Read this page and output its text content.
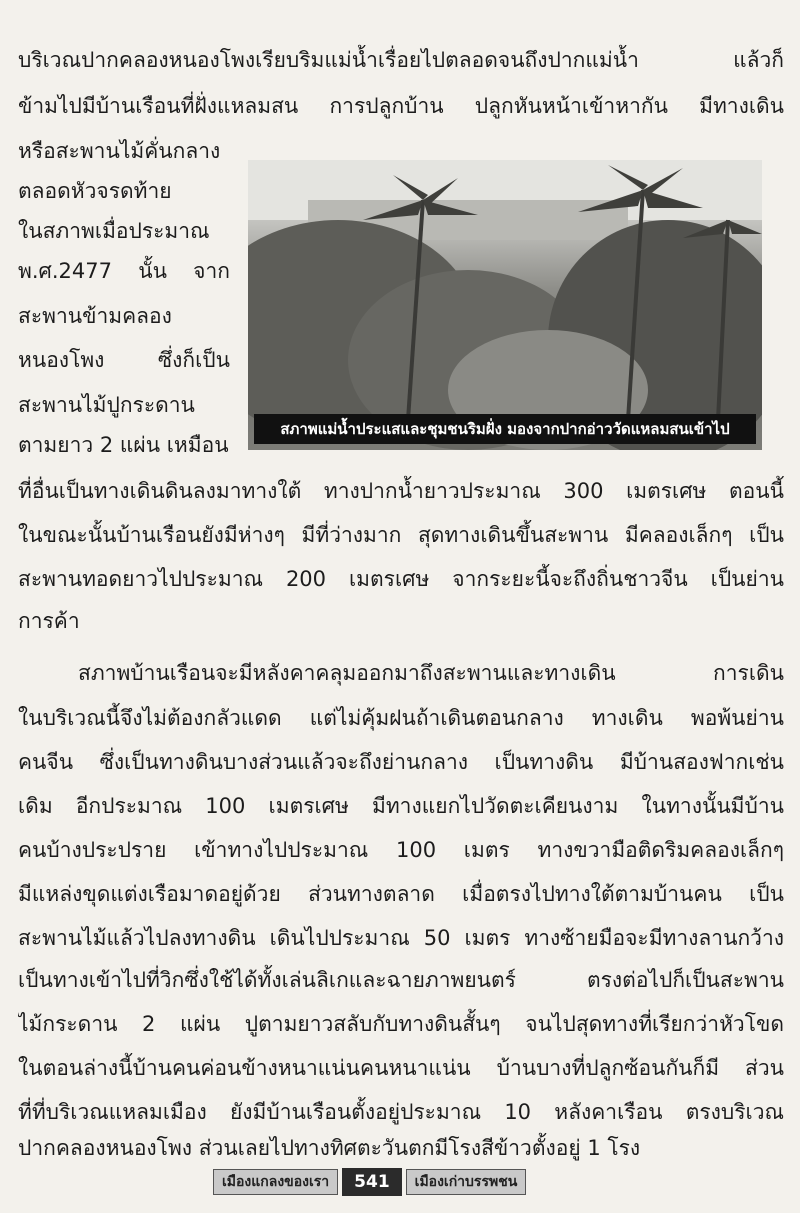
บริเวณปากคลองหนองโพงเรียบริมแม่น้ำเรื่อยไปตลอดจนถึงปากแม่น้ำ แล้วก็
ข้ามไปมีบ้านเรือนที่ฝั่งแหลมสน การปลูกบ้าน ปลูกหันหน้าเข้าหากัน มีทางเดิน
หรือสะพานไม้คั่นกลาง
ตลอดหัวจรดท้าย
ในสภาพเมื่อประมาณ
พ.ศ.2477 นั้น จาก
สะพานข้ามคลอง
หนองโพง ซึ่งก็เป็น
สะพานไม้ปูกระดาน
ตามยาว 2 แผ่น เหมือน
สภาพแม่น้ำประแสและชุมชนริมฝั่ง มองจากปากอ่าววัดแหลมสนเข้าไป
ที่อื่นเป็นทางเดินดินลงมาทางใต้ ทางปากน้ำยาวประมาณ 300 เมตรเศษ ตอนนี้
ในขณะนั้นบ้านเรือนยังมีห่างๆ มีที่ว่างมาก สุดทางเดินขึ้นสะพาน มีคลองเล็กๆ เป็น
สะพานทอดยาวไปประมาณ 200 เมตรเศษ จากระยะนี้จะถึงถิ่นชาวจีน เป็นย่าน
การค้า
สภาพบ้านเรือนจะมีหลังคาคลุมออกมาถึงสะพานและทางเดิน การเดิน
ในบริเวณนี้จึงไม่ต้องกลัวแดด แต่ไม่คุ้มฝนถ้าเดินตอนกลาง ทางเดิน พอพ้นย่าน
คนจีน ซึ่งเป็นทางดินบางส่วนแล้วจะถึงย่านกลาง เป็นทางดิน มีบ้านสองฟากเช่น
เดิม อีกประมาณ 100 เมตรเศษ มีทางแยกไปวัดตะเคียนงาม ในทางนั้นมีบ้าน
คนบ้างประปราย เข้าทางไปประมาณ 100 เมตร ทางขวามือติดริมคลองเล็กๆ
มีแหล่งขุดแต่งเรือมาดอยู่ด้วย ส่วนทางตลาด เมื่อตรงไปทางใต้ตามบ้านคน เป็น
สะพานไม้แล้วไปลงทางดิน เดินไปประมาณ 50 เมตร ทางซ้ายมือจะมีทางลานกว้าง
เป็นทางเข้าไปที่วิกซึ่งใช้ได้ทั้งเล่นลิเกและฉายภาพยนตร์ ตรงต่อไปก็เป็นสะพาน
ไม้กระดาน 2 แผ่น ปูตามยาวสลับกับทางดินสั้นๆ จนไปสุดทางที่เรียกว่าหัวโขด
ในตอนล่างนี้บ้านคนค่อนข้างหนาแน่นคนหนาแน่น บ้านบางที่ปลูกซ้อนกันก็มี ส่วน
ที่ที่บริเวณแหลมเมือง ยังมีบ้านเรือนตั้งอยู่ประมาณ 10 หลังคาเรือน ตรงบริเวณ
ปากคลองหนองโพง ส่วนเลยไปทางทิศตะวันตกมีโรงสีข้าวตั้งอยู่ 1 โรง
เมืองแกลงของเรา	541	เมืองเก่าบรรพชน
